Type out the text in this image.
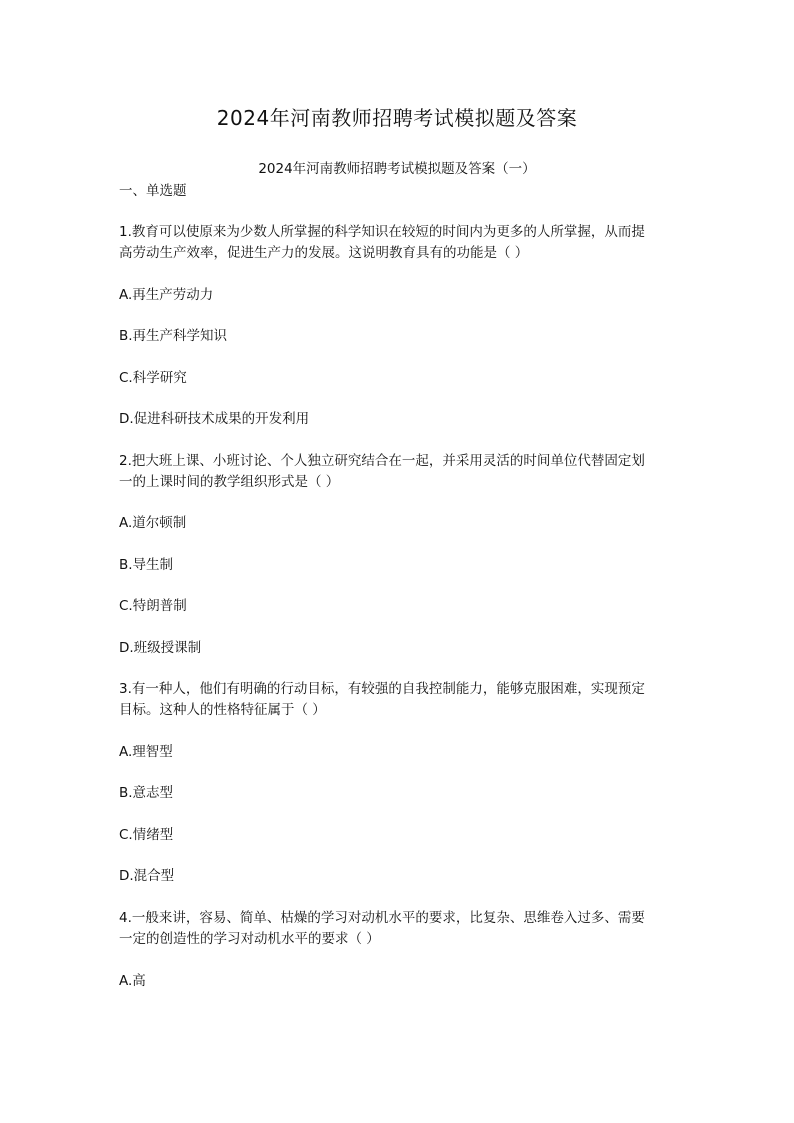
2024年河南教师招聘考试模拟题及答案
2024年河南教师招聘考试模拟题及答案（一）
一、单选题
1.教育可以使原来为少数人所掌握的科学知识在较短的时间内为更多的人所掌握，从而提
高劳动生产效率，促进生产力的发展。这说明教育具有的功能是（ ）
A.再生产劳动力
B.再生产科学知识
C.科学研究
D.促进科研技术成果的开发利用
2.把大班上课、小班讨论、个人独立研究结合在一起，并采用灵活的时间单位代替固定划
一的上课时间的教学组织形式是（ ）
A.道尔顿制
B.导生制
C.特朗普制
D.班级授课制
3.有一种人，他们有明确的行动目标，有较强的自我控制能力，能够克服困难，实现预定
目标。这种人的性格特征属于（ ）
A.理智型
B.意志型
C.情绪型
D.混合型
4.一般来讲，容易、简单、枯燥的学习对动机水平的要求，比复杂、思维卷入过多、需要
一定的创造性的学习对动机水平的要求（ ）
A.高
